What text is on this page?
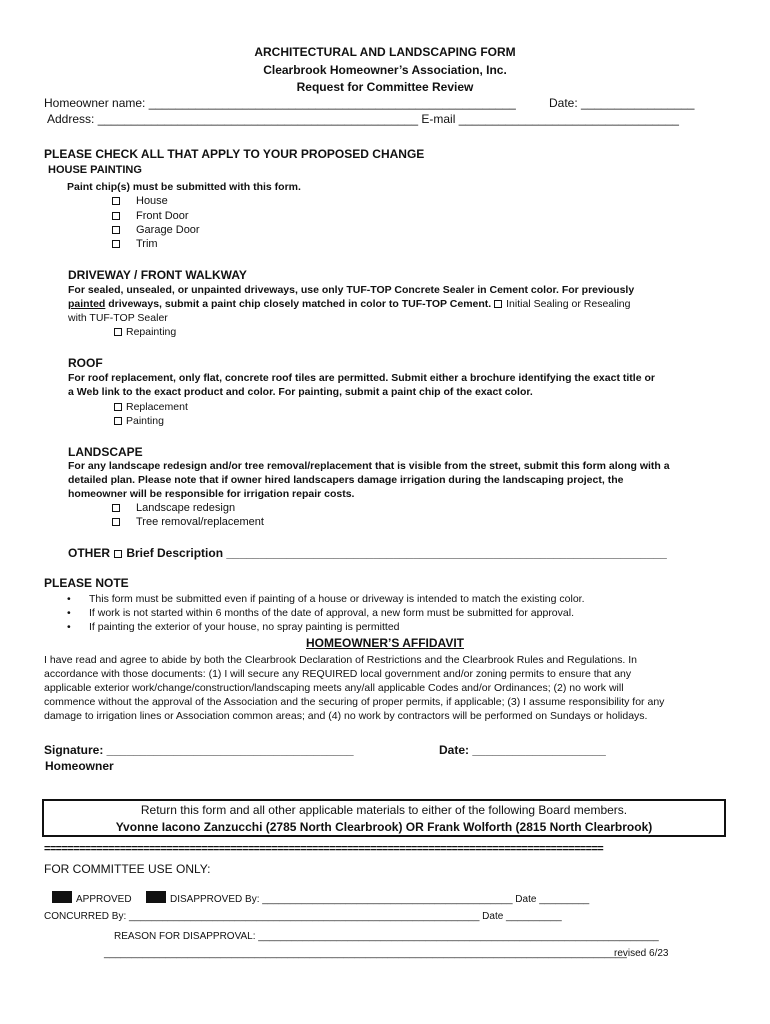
ARCHITECTURAL AND LANDSCAPING FORM
Clearbrook Homeowner’s Association, Inc.
Request for Committee Review
Homeowner name: _______________________________________________________	Date: _________________
Address: ________________________________________________ E-mail _________________________________
PLEASE CHECK ALL THAT APPLY TO YOUR PROPOSED CHANGE
HOUSE PAINTING
Paint chip(s) must be submitted with this form.
House
Front Door
Garage Door
Trim
DRIVEWAY / FRONT WALKWAY
For sealed, unsealed, or unpainted driveways, use only TUF-TOP Concrete Sealer in Cement color. For previously
painted driveways, submit a paint chip closely matched in color to TUF-TOP Cement. Initial Sealing or Resealing
with TUF-TOP Sealer
Repainting
ROOF
For roof replacement, only flat, concrete roof tiles are permitted. Submit either a brochure identifying the exact title or
a Web link to the exact product and color. For painting, submit a paint chip of the exact color.
Replacement
Painting
LANDSCAPE
For any landscape redesign and/or tree removal/replacement that is visible from the street, submit this form along with a
detailed plan. Please note that if owner hired landscapers damage irrigation during the landscaping project, the
homeowner will be responsible for irrigation repair costs.
Landscape redesign
Tree removal/replacement
OTHER Brief Description __________________________________________________________________
PLEASE NOTE
• This form must be submitted even if painting of a house or driveway is intended to match the existing color.
• If work is not started within 6 months of the date of approval, a new form must be submitted for approval.
• If painting the exterior of your house, no spray painting is permitted
HOMEOWNER’S AFFIDAVIT
I have read and agree to abide by both the Clearbrook Declaration of Restrictions and the Clearbrook Rules and Regulations. In
accordance with those documents: (1) I will secure any REQUIRED local government and/or zoning permits to ensure that any
applicable exterior work/change/construction/landscaping meets any/all applicable Codes and/or Ordinances; (2) no work will
commence without the approval of the Association and the securing of proper permits, if applicable; (3) I assume responsibility for any
damage to irrigation lines or Association common areas; and (4) no work by contractors will be performed on Sundays or holidays.
Signature: _____________________________________	Date: ____________________
Homeowner
Return this form and all other applicable materials to either of the following Board members.
Yvonne Iacono Zanzucchi (2785 North Clearbrook) OR Frank Wolforth (2815 North Clearbrook)
================================================================================================
FOR COMMITTEE USE ONLY:
APPROVED	DISAPPROVED By: _____________________________________________ Date _________
CONCURRED By: _______________________________________________________________ Date __________
REASON FOR DISAPPROVAL: ________________________________________________________________________
______________________________________________________________________________________________
revised 6/23
